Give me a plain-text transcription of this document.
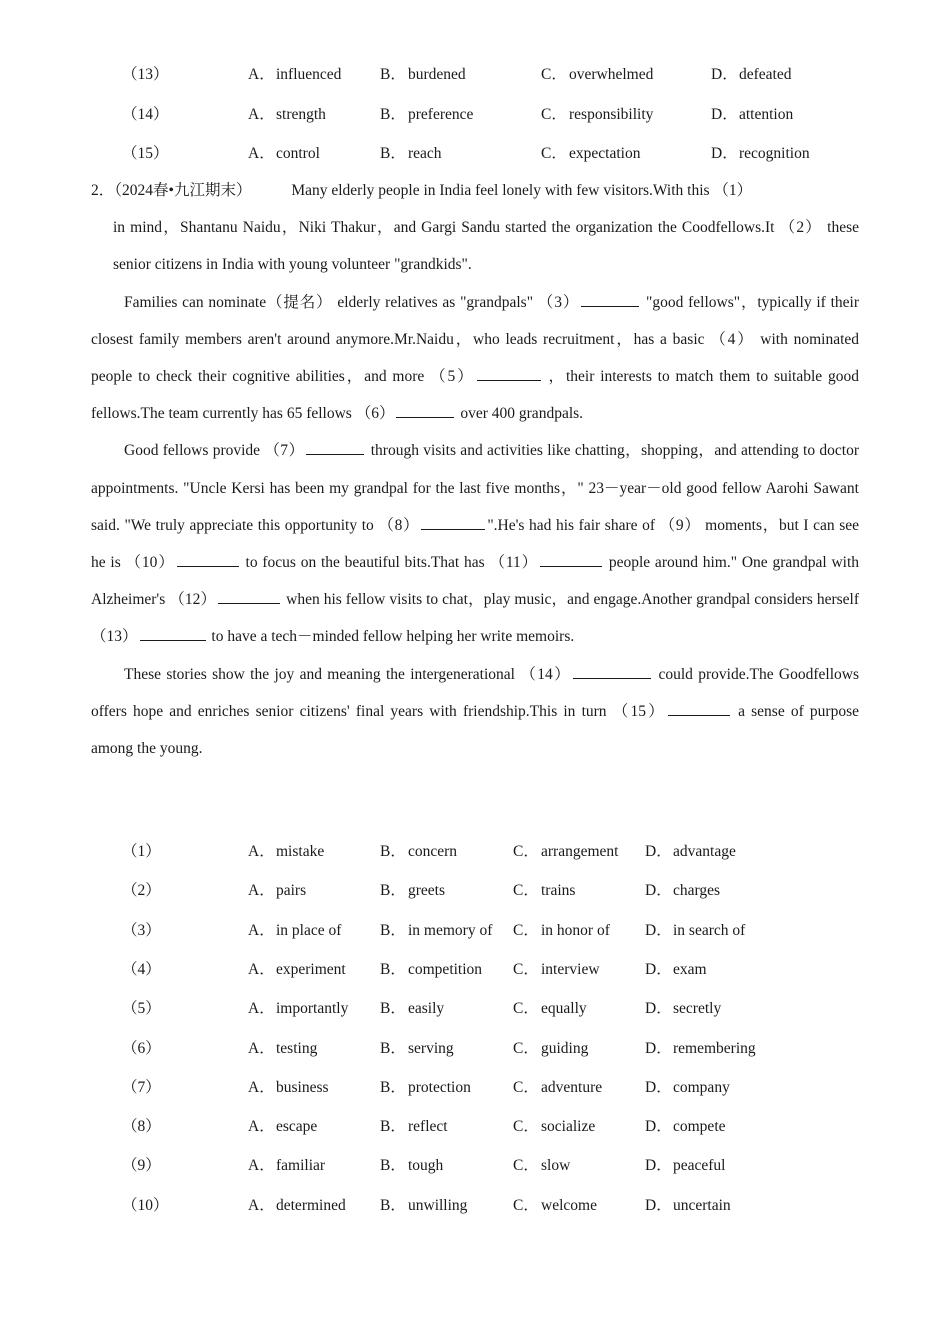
（13）	A．influenced B． burdened	C． overwhelmed	D．defeated
（14）	A．strength	B． preference	C． responsibility	D．attention
（15）	A．control	B． reach	C． expectation	D．recognition

2．（2024春•九江期末）	Many elderly people in India feel lonely with few visitors.With this （1）

in mind，Shantanu Naidu，Niki Thakur，and Gargi Sandu started the organization the Coodfellows.It （2） these senior citizens in India with young volunteer "grandkids".

Families can nominate（提名） elderly relatives as "grandpals" （3）	"good fellows"，typically if their closest family members aren't around anymore.Mr.Naidu，who leads recruitment，has a basic （4） with nominated people to check their cognitive abilities，and more （5）	，their interests to match them to suitable good fellows.The team currently has 65 fellows （6）	over 400 grandpals.

Good fellows provide （7）	through visits and activities like chatting，shopping，and attending to doctor appointments. "Uncle Kersi has been my grandpal for the last five months，" 23－year－old good fellow Aarohi Sawant said. "We truly appreciate this opportunity to （8）	".He's had his fair share of （9） moments，but I can see he is （10）	to focus on the beautiful bits.That has （11）	people around him." One grandpal with Alzheimer's （12）	when his fellow visits to chat，play music，and engage.Another grandpal considers herself （13）	to have a tech－minded fellow helping her write memoirs.

These stories show the joy and meaning the intergenerational （14）	could provide.The Goodfellows offers hope and enriches senior citizens' final years with friendship.This in turn （15）	a sense of purpose among the young.

（1）	A．mistake	B． concern	C． arrangement D．advantage
（2）	A．pairs	B． greets	C． trains	D．charges
（3）	A．in place of B． in memory of C． in honor of D．in search of
（4）	A．experiment B． competition C． interview	D．exam
（5）	A．importantly B． easily	C． equally	D．secretly
（6）	A．testing	B． serving	C． guiding	D．remembering
（7）	A．business	B． protection	C． adventure	D．company
（8）	A．escape	B． reflect	C． socialize	D．compete
（9）	A．familiar	B． tough	C． slow	D．peaceful
（10）	A．determined B． unwilling	C． welcome	D．uncertain
